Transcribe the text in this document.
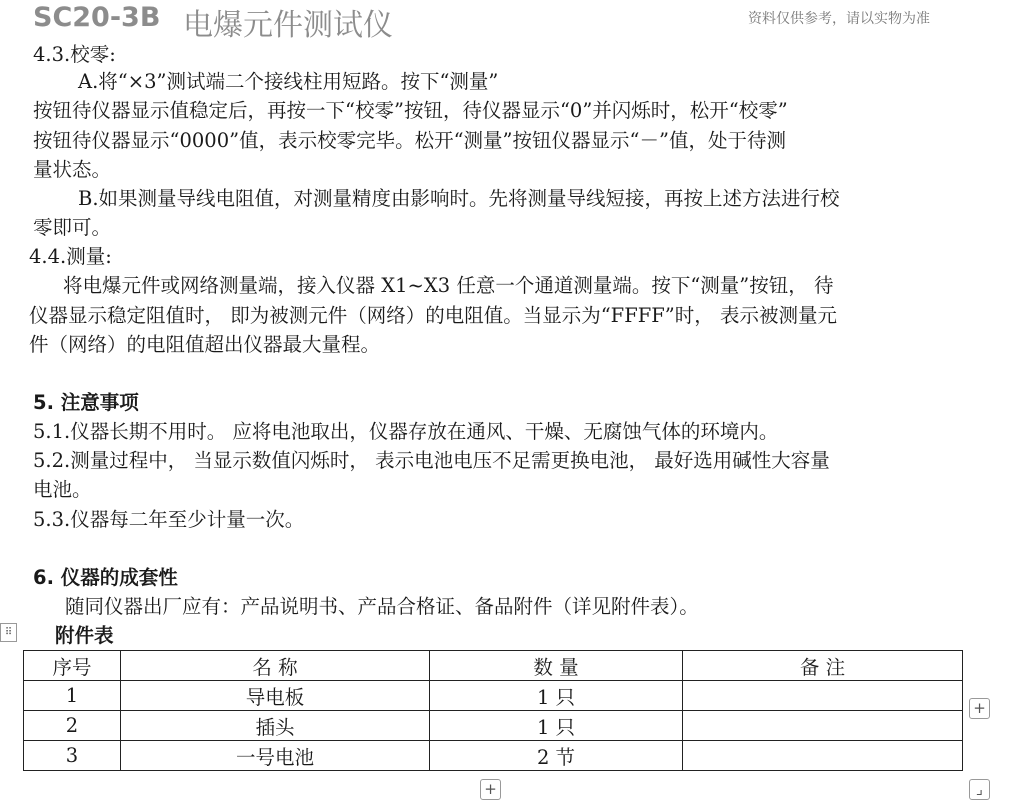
SC20-3B 电爆元件测试仪	资料仅供参考，请以实物为准
4.3.校零:
A.将“×3”测试端二个接线柱用短路。按下“测量”
按钮待仪器显示值稳定后，再按一下“校零”按钮，待仪器显示“0”并闪烁时，松开“校零”
按钮待仪器显示“0000”值，表示校零完毕。松开“测量”按钮仪器显示“－”值，处于待测
量状态。
B.如果测量导线电阻值，对测量精度由影响时。先将测量导线短接，再按上述方法进行校
零即可。
4.4.测量:
将电爆元件或网络测量端，接入仪器 X1~X3 任意一个通道测量端。按下“测量”按钮， 待
仪器显示稳定阻值时， 即为被测元件（网络）的电阻值。当显示为“FFFF”时， 表示被测量元
件（网络）的电阻值超出仪器最大量程。
5. 注意事项
5.1.仪器长期不用时。 应将电池取出，仪器存放在通风、干燥、无腐蚀气体的环境内。
5.2.测量过程中， 当显示数值闪烁时， 表示电池电压不足需更换电池， 最好选用碱性大容量
电池。
5.3.仪器每二年至少计量一次。
6. 仪器的成套性
随同仪器出厂应有：产品说明书、产品合格证、备品附件（详见附件表）。
附件表
⠿
序号	名 称	数 量	备 注
1	导电板	1 只	
2	插头	1 只	
3	一号电池	2 节	
+
+	⌟
